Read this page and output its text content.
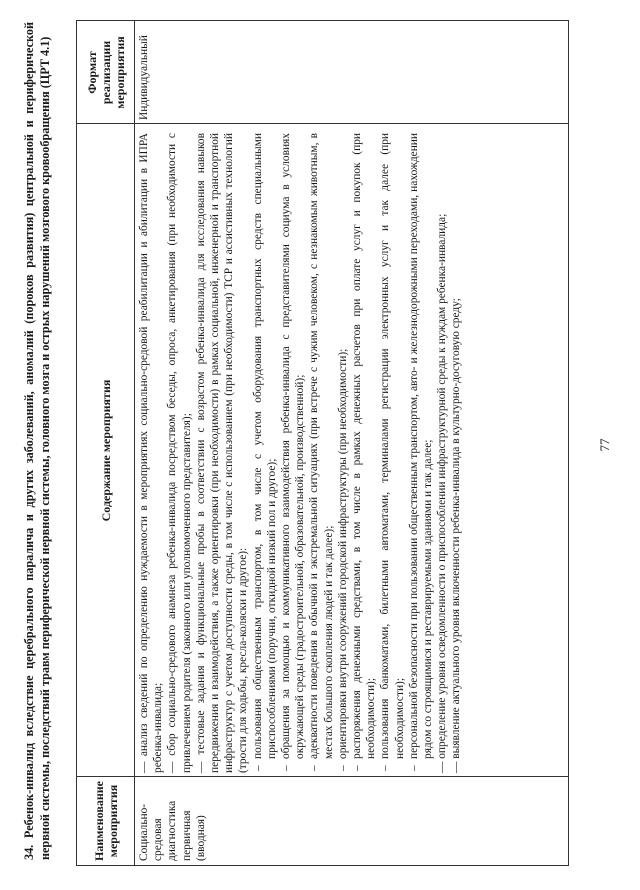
34. Ребенок-инвалид вследствие церебрального паралича и других заболеваний, аномалий (пороков развития) центральной и периферической нервной системы, последствий травм периферической нервной системы, головного мозга и острых нарушений мозгового кровообращения (ЦРТ 4.1)	Наименование мероприятия
Содержание мероприятия
Формат реализации мероприятия
Социально-средовая диагностика первичная (вводная)

— анализ сведений по определению нуждаемости в мероприятиях социально-средовой реабилитации и абилитации в ИПРА ребенка-инвалида; — сбор социально-средового анамнеза ребенка-инвалида посредством беседы, опроса, анкетирования (при необходимости с привлечением родителя (законного или уполномоченного представителя); — тестовые задания и функциональные пробы в соответствии с возрастом ребенка-инвалида для исследования навыков передвижения и взаимодействия, а также ориентировки (при необходимости) в рамках социальной, инженерной и транспортной инфраструктур с учетом доступности среды, в том числе с использованием (при необходимости) ТСР и ассистивных технологий (трости для ходьбы, кресла-коляски и другое): – пользования общественным транспортом, в том числе с учетом оборудования транспортных средств специальными приспособлениями (поручни, откидной низкий пол и другое); – обращения за помощью и коммуникативного взаимодействия ребенка-инвалида с представителями социума в условиях окружающей среды (градостроительной, образовательной, производственной); – адекватности поведения в обычной и экстремальной ситуациях (при встрече с чужим человеком, с незнакомым животным, в местах большого скопления людей и так далее); – ориентировки внутри сооружений городской инфраструктуры (при необходимости); – распоряжения денежными средствами, в том числе в рамках денежных расчетов при оплате услуг и покупок (при необходимости); – пользования банкоматами, билетными автоматами, терминалами регистрации электронных услуг и так далее (при необходимости); – персональной безопасности при пользовании общественным транспортом, авто- и железнодорожными переходами, нахождении рядом со строящимися и реставрируемыми зданиями и так далее; — определение уровня осведомленности о приспособлении инфраструктурной среды к нуждам ребенка-инвалида; — выявление актуального уровня включенности ребенка-инвалида в культурно-досуговую среду;

Индивидуальный
77
